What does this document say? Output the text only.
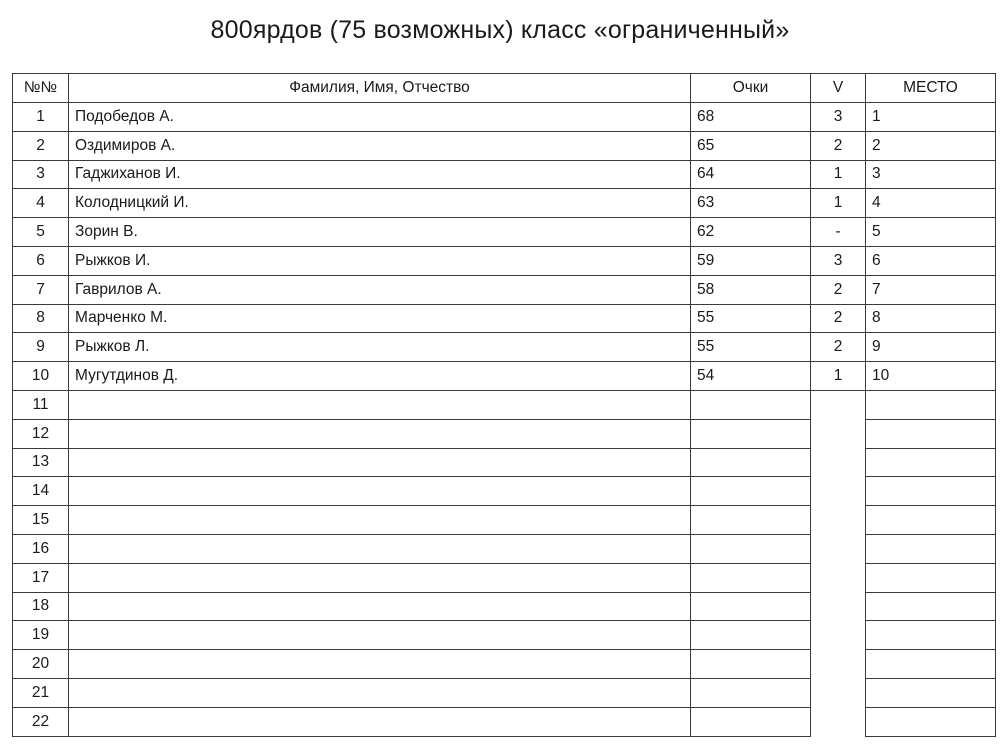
800ярдов (75 возможных) класс «ограниченный»
№№	Фамилия, Имя, Отчество	Очки	V	МЕСТО
1	Подобедов А.	68	3	1
2	Оздимиров А.	65	2	2
3	Гаджиханов И.	64	1	3
4	Колодницкий И.	63	1	4
5	Зорин В.	62	-	5
6	Рыжков И.	59	3	6
7	Гаврилов А.	58	2	7
8	Марченко М.	55	2	8
9	Рыжков Л.	55	2	9
10	Мугутдинов Д.	54	1	10
11				
12				
13				
14				
15				
16				
17				
18				
19				
20				
21				
22				
